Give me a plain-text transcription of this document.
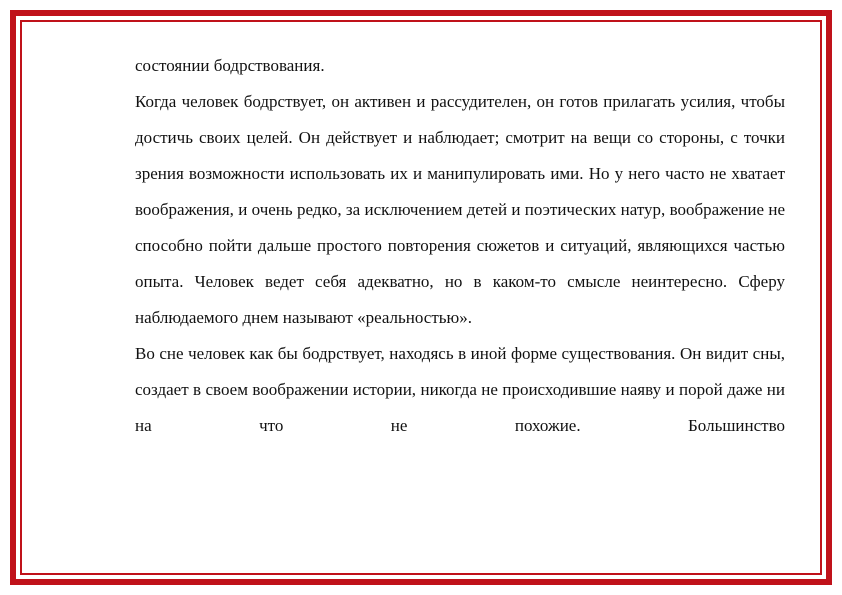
состоянии бодрствования.

Когда человек бодрствует, он активен и рассудителен, он готов прилагать усилия, чтобы достичь своих целей. Он действует и наблюдает; смотрит на вещи со стороны, с точки зрения возможности использовать их и манипулировать ими. Но у него часто не хватает воображения, и очень редко, за исключением детей и поэтических натур, воображение не способно пойти дальше простого повторения сюжетов и ситуаций, являющихся частью опыта. Человек ведет себя адекватно, но в каком-то смысле неинтересно. Сферу наблюдаемого днем называют «реальностью».

Во сне человек как бы бодрствует, находясь в иной форме существования. Он видит сны, создает в своем воображении истории, никогда не происходившие наяву и порой даже ни на что не похожие. Большинство
